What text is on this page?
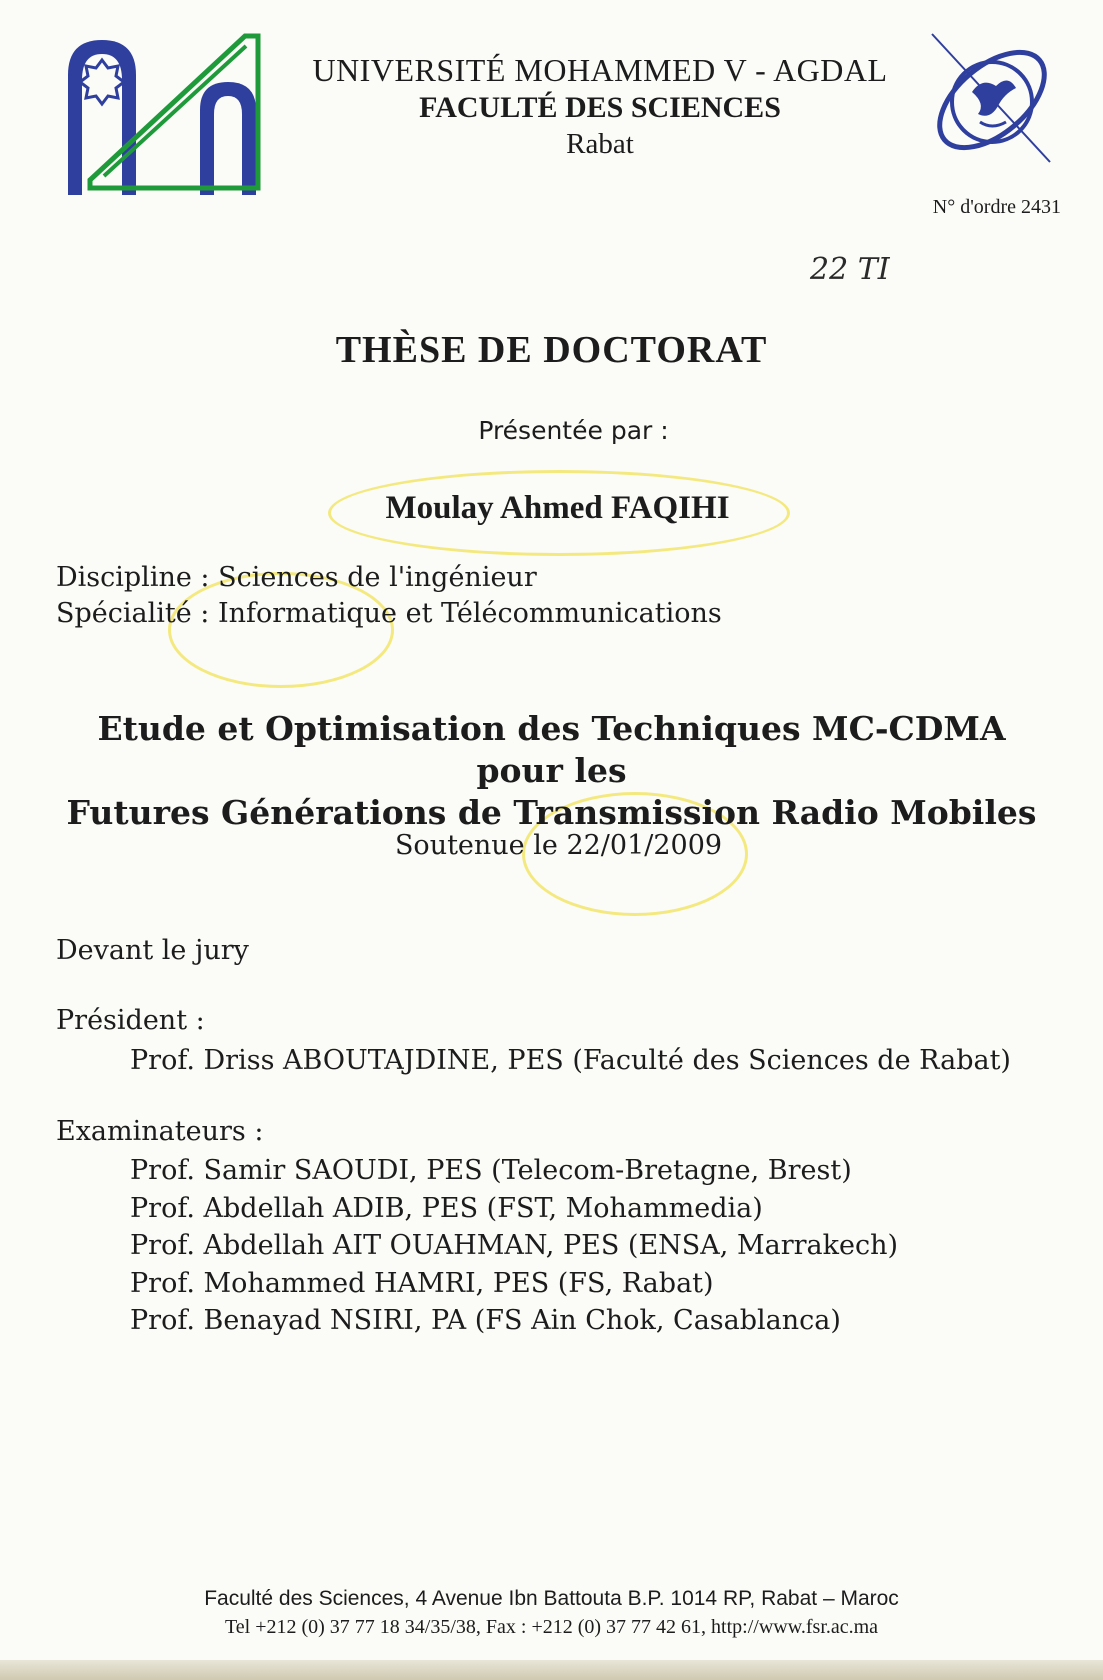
UNIVERSITÉ MOHAMMED V - AGDAL
FACULTÉ DES SCIENCES
Rabat
N° d'ordre 2431
22 TI
THÈSE DE DOCTORAT
Présentée par :
Moulay Ahmed FAQIHI
Discipline : Sciences de l'ingénieur
Spécialité : Informatique et Télécommunications
Etude et Optimisation des Techniques MC-CDMA pour les
Futures Générations de Transmission Radio Mobiles
Soutenue le 22/01/2009
Devant le jury
Président :
Prof. Driss ABOUTAJDINE, PES (Faculté des Sciences de Rabat)
Examinateurs :
Prof. Samir SAOUDI, PES (Telecom-Bretagne, Brest)
Prof. Abdellah ADIB, PES (FST, Mohammedia)
Prof. Abdellah AIT OUAHMAN, PES (ENSA, Marrakech)
Prof. Mohammed HAMRI, PES (FS, Rabat)
Prof. Benayad NSIRI, PA (FS Ain Chok, Casablanca)
Faculté des Sciences, 4 Avenue Ibn Battouta B.P. 1014 RP, Rabat – Maroc
Tel +212 (0) 37 77 18 34/35/38, Fax : +212 (0) 37 77 42 61, http://www.fsr.ac.ma
